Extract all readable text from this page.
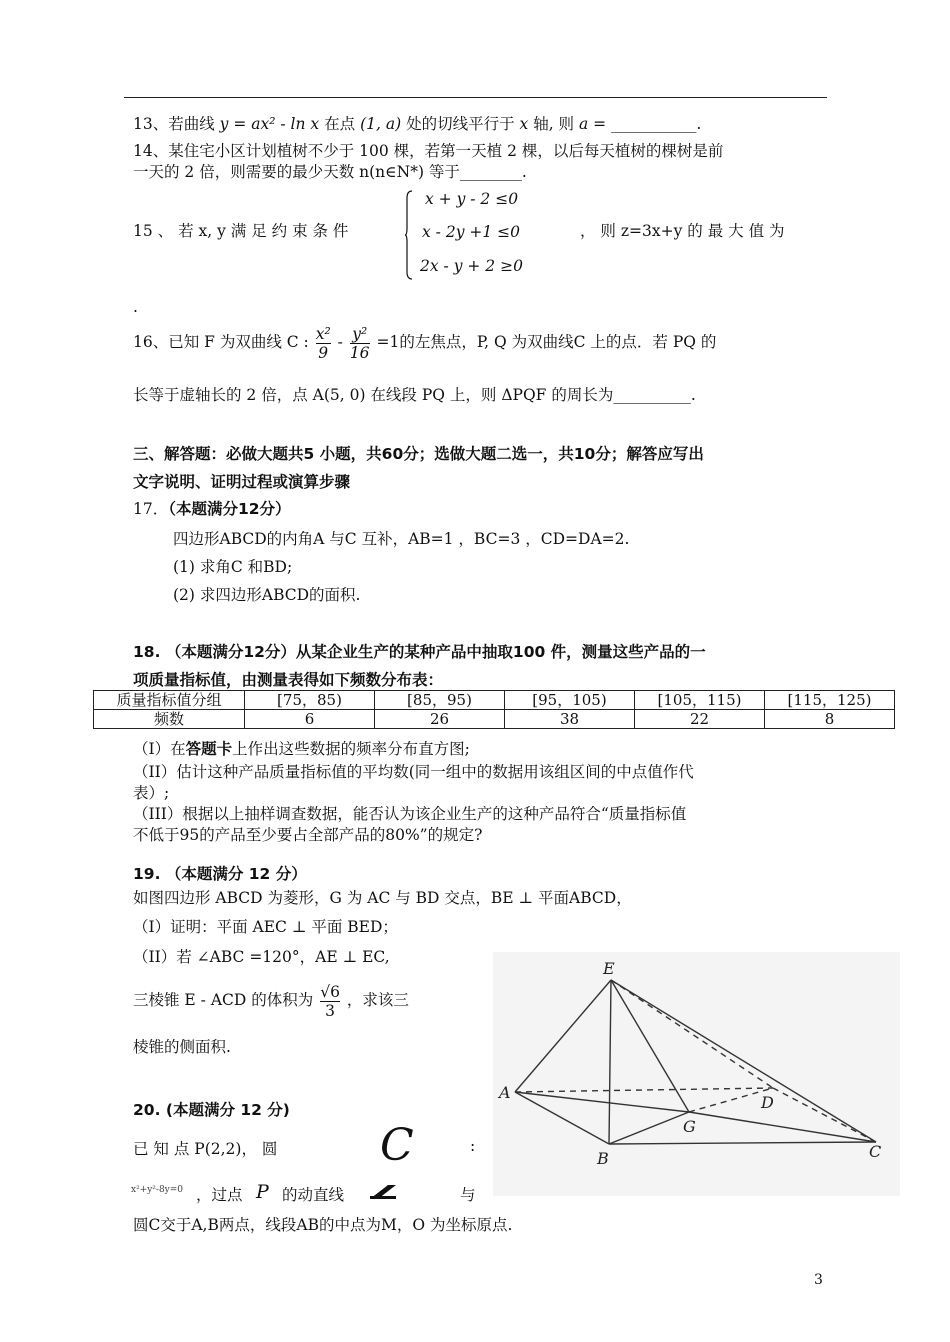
13、若曲线 y = ax² - ln x 在点 (1, a) 处的切线平行于 x 轴, 则 a = ___________.
14、某住宅小区计划植树不少于 100 棵，若第一天植 2 棵，以后每天植树的棵树是前
一天的 2 倍，则需要的最少天数 n(n∈N*) 等于________.
15 、 若 x, y 满 足 约 束 条 件
x + y - 2 ≤0
x - 2y +1 ≤0
2x - y + 2 ≥0
， 则 z=3x+y 的 最 大 值 为
.
16、已知 F 为双曲线 C : $\frac{\text{x²}}{9} - \frac{\text{y²}}{16} =1$的左焦点，P, Q 为双曲线C 上的点．若 PQ 的
长等于虚轴长的 2 倍，点 A(5, 0) 在线段 PQ 上，则 ΔPQF 的周长为__________.
三、解答题：必做大题共5 小题，共60分；选做大题二选一，共10分；解答应写出
文字说明、证明过程或演算步骤
17．（本题满分12分）
四边形ABCD的内角A 与C 互补，AB=1 ，BC=3 ，CD=DA=2.
(1) 求角C 和BD;
(2) 求四边形ABCD的面积.
18. （本题满分12分）从某企业生产的某种产品中抽取100 件，测量这些产品的一
项质量指标值，由测量表得如下频数分布表：
质量指标值分组	[75，85)	[85，95)	[95，105)	[105，115)	[115，125)
频数	6	26	38	22	8
（I）在答题卡上作出这些数据的频率分布直方图;
（II）估计这种产品质量指标值的平均数(同一组中的数据用该组区间的中点值作代
表）;
（III）根据以上抽样调查数据，能否认为该企业生产的这种产品符合“质量指标值
不低于95的产品至少要占全部产品的80%”的规定?
19. （本题满分 12 分）
如图四边形 ABCD 为菱形，G 为 AC 与 BD 交点，BE ⊥ 平面ABCD，
（I）证明：平面 AEC ⊥ 平面 BED；
（II）若 ∠ABC =120°，AE ⊥ EC,
三棱锥 E - ACD 的体积为 $\frac{√6}{3}$ ，求该三
棱锥的侧面积.
E
A
D
G
B	C
20. (本题满分 12 分)
已 知 点 P(2,2)， 圆 C	:
x²+y²-8y=0 ，过点 P 的动直线	与
圆C交于A,B两点，线段AB的中点为M，O 为坐标原点.
3
